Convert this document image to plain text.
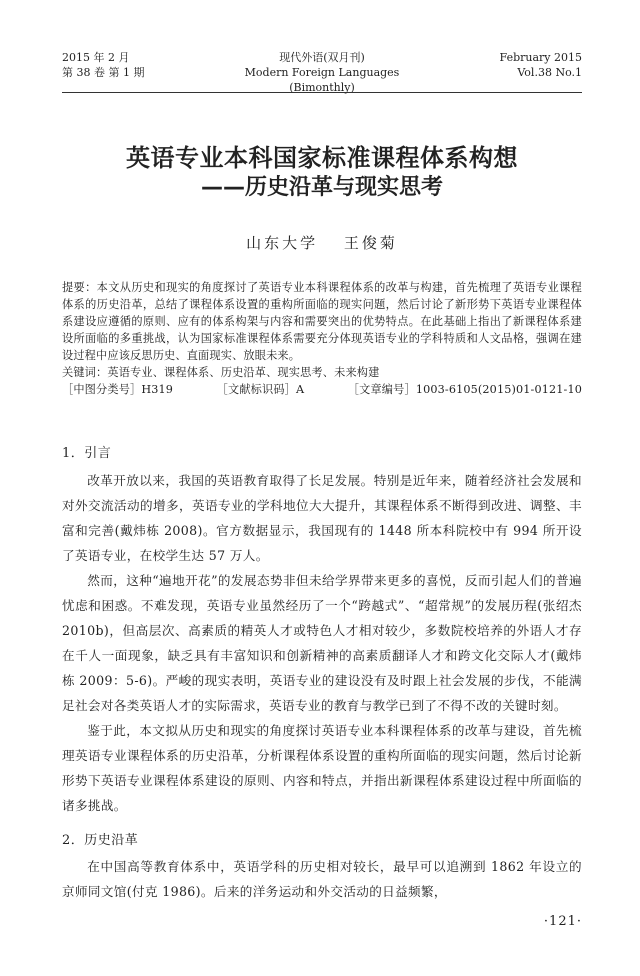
2015 年 2 月
第 38 卷 第 1 期
现代外语(双月刊)
Modern Foreign Languages (Bimonthly)
February 2015
Vol.38 No.1
英语专业本科国家标准课程体系构想
——历史沿革与现实思考
山东大学 王俊菊

提要：本文从历史和现实的角度探讨了英语专业本科课程体系的改革与构建，首先梳理了英语专业课程体系的历史沿革，总结了课程体系设置的重构所面临的现实问题，然后讨论了新形势下英语专业课程体系建设应遵循的原则、应有的体系构架与内容和需要突出的优势特点。在此基础上指出了新课程体系建设所面临的多重挑战，认为国家标准课程体系需要充分体现英语专业的学科特质和人文品格，强调在建设过程中应该反思历史、直面现实、放眼未来。

关键词：英语专业、课程体系、历史沿革、现实思考、未来构建

［中图分类号］H319	［文献标识码］A	［文章编号］1003-6105(2015)01-0121-10
1．引言

改革开放以来，我国的英语教育取得了长足发展。特别是近年来，随着经济社会发展和对外交流活动的增多，英语专业的学科地位大大提升，其课程体系不断得到改进、调整、丰富和完善(戴炜栋 2008)。官方数据显示，我国现有的 1448 所本科院校中有 994 所开设了英语专业，在校学生达 57 万人。

然而，这种“遍地开花”的发展态势非但未给学界带来更多的喜悦，反而引起人们的普遍忧虑和困惑。不难发现，英语专业虽然经历了一个“跨越式”、“超常规”的发展历程(张绍杰 2010b)，但高层次、高素质的精英人才或特色人才相对较少，多数院校培养的外语人才存在千人一面现象，缺乏具有丰富知识和创新精神的高素质翻译人才和跨文化交际人才(戴炜栋 2009：5-6)。严峻的现实表明，英语专业的建设没有及时跟上社会发展的步伐，不能满足社会对各类英语人才的实际需求，英语专业的教育与教学已到了不得不改的关键时刻。

鉴于此，本文拟从历史和现实的角度探讨英语专业本科课程体系的改革与建设，首先梳理英语专业课程体系的历史沿革，分析课程体系设置的重构所面临的现实问题，然后讨论新形势下英语专业课程体系建设的原则、内容和特点，并指出新课程体系建设过程中所面临的诸多挑战。

2．历史沿革

在中国高等教育体系中，英语学科的历史相对较长，最早可以追溯到 1862 年设立的京师同文馆(付克 1986)。后来的洋务运动和外交活动的日益频繁，

·121·
